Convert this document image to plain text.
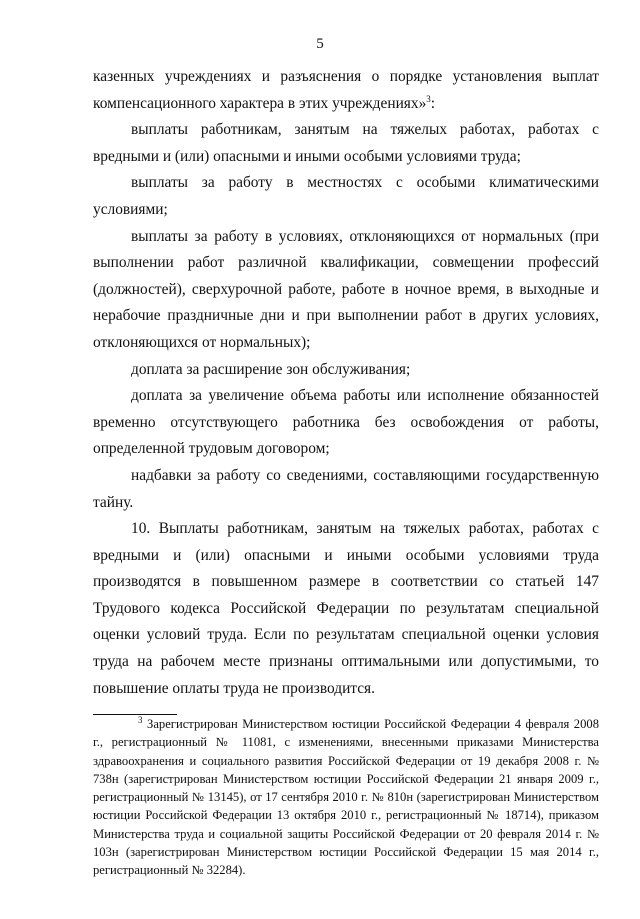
5

казенных учреждениях и разъяснения о порядке установления выплат компенсационного характера в этих учреждениях»$^3$:

выплаты работникам, занятым на тяжелых работах, работах с вредными и (или) опасными и иными особыми условиями труда;

выплаты за работу в местностях с особыми климатическими условиями;

выплаты за работу в условиях, отклоняющихся от нормальных (при выполнении работ различной квалификации, совмещении профессий (должностей), сверхурочной работе, работе в ночное время, в выходные и нерабочие праздничные дни и при выполнении работ в других условиях, отклоняющихся от нормальных);

доплата за расширение зон обслуживания;

доплата за увеличение объема работы или исполнение обязанностей временно отсутствующего работника без освобождения от работы, определенной трудовым договором;

надбавки за работу со сведениями, составляющими государственную тайну.

10. Выплаты работникам, занятым на тяжелых работах, работах с вредными и (или) опасными и иными особыми условиями труда производятся в повышенном размере в соответствии со статьей 147 Трудового кодекса Российской Федерации по результатам специальной оценки условий труда. Если по результатам специальной оценки условия труда на рабочем месте признаны оптимальными или допустимыми, то повышение оплаты труда не производится.

$^3$ Зарегистрирован Министерством юстиции Российской Федерации 4 февраля 2008 г., регистрационный № 11081, с изменениями, внесенными приказами Министерства здравоохранения и социального развития Российской Федерации от 19 декабря 2008 г. № 738н (зарегистрирован Министерством юстиции Российской Федерации 21 января 2009 г., регистрационный № 13145), от 17 сентября 2010 г. № 810н (зарегистрирован Министерством юстиции Российской Федерации 13 октября 2010 г., регистрационный № 18714), приказом Министерства труда и социальной защиты Российской Федерации от 20 февраля 2014 г. № 103н (зарегистрирован Министерством юстиции Российской Федерации 15 мая 2014 г., регистрационный № 32284).
